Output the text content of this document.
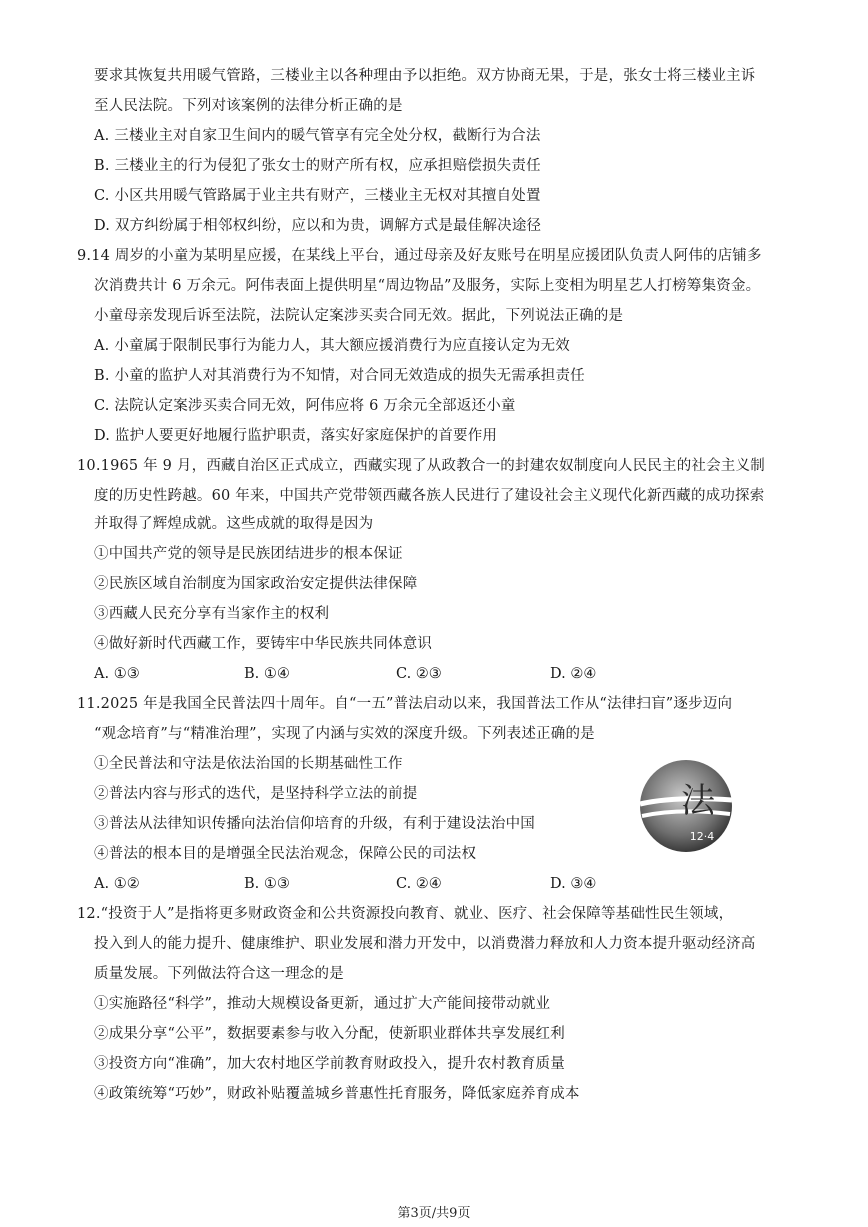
要求其恢复共用暖气管路，三楼业主以各种理由予以拒绝。双方协商无果，于是，张女士将三楼业主诉
至人民法院。下列对该案例的法律分析正确的是
A. 三楼业主对自家卫生间内的暖气管享有完全处分权，截断行为合法
B. 三楼业主的行为侵犯了张女士的财产所有权，应承担赔偿损失责任
C. 小区共用暖气管路属于业主共有财产，三楼业主无权对其擅自处置
D. 双方纠纷属于相邻权纠纷，应以和为贵，调解方式是最佳解决途径
9.14 周岁的小童为某明星应援，在某线上平台，通过母亲及好友账号在明星应援团队负责人阿伟的店铺多
次消费共计 6 万余元。阿伟表面上提供明星“周边物品”及服务，实际上变相为明星艺人打榜筹集资金。
小童母亲发现后诉至法院，法院认定案涉买卖合同无效。据此，下列说法正确的是
A. 小童属于限制民事行为能力人，其大额应援消费行为应直接认定为无效
B. 小童的监护人对其消费行为不知情，对合同无效造成的损失无需承担责任
C. 法院认定案涉买卖合同无效，阿伟应将 6 万余元全部返还小童
D. 监护人要更好地履行监护职责，落实好家庭保护的首要作用
10.1965 年 9 月，西藏自治区正式成立，西藏实现了从政教合一的封建农奴制度向人民民主的社会主义制
度的历史性跨越。60 年来，中国共产党带领西藏各族人民进行了建设社会主义现代化新西藏的成功探索
并取得了辉煌成就。这些成就的取得是因为
①中国共产党的领导是民族团结进步的根本保证
②民族区域自治制度为国家政治安定提供法律保障
③西藏人民充分享有当家作主的权利
④做好新时代西藏工作，要铸牢中华民族共同体意识
A. ①③	B. ①④	C. ②③	D. ②④
11.2025 年是我国全民普法四十周年。自“一五”普法启动以来，我国普法工作从“法律扫盲”逐步迈向
“观念培育”与“精准治理”，实现了内涵与实效的深度升级。下列表述正确的是
①全民普法和守法是依法治国的长期基础性工作
②普法内容与形式的迭代，是坚持科学立法的前提
③普法从法律知识传播向法治信仰培育的升级，有利于建设法治中国
④普法的根本目的是增强全民法治观念，保障公民的司法权
A. ①②	B. ①③	C. ②④	D. ③④
法
12·4
12.“投资于人”是指将更多财政资金和公共资源投向教育、就业、医疗、社会保障等基础性民生领域，
投入到人的能力提升、健康维护、职业发展和潜力开发中，以消费潜力释放和人力资本提升驱动经济高
质量发展。下列做法符合这一理念的是
①实施路径“科学”，推动大规模设备更新，通过扩大产能间接带动就业
②成果分享“公平”，数据要素参与收入分配，使新职业群体共享发展红利
③投资方向“准确”，加大农村地区学前教育财政投入，提升农村教育质量
④政策统筹“巧妙”，财政补贴覆盖城乡普惠性托育服务，降低家庭养育成本
第3页/共9页
